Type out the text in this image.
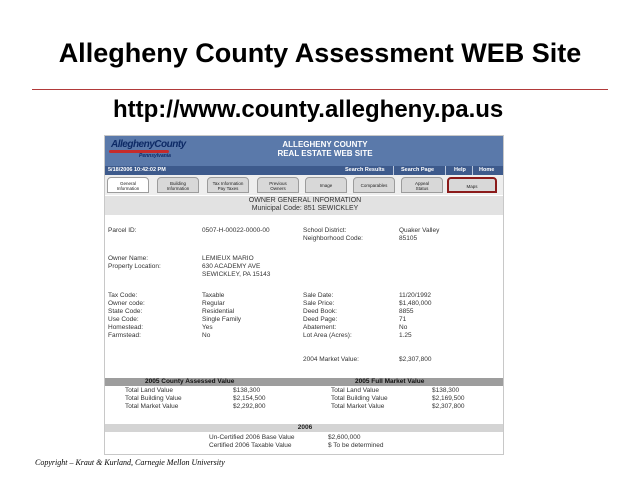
Allegheny County Assessment WEB Site
http://www.county.allegheny.pa.us
AlleghenyCounty
Pennsylvania
ALLEGHENY COUNTY
REAL ESTATE WEB SITE
5/18/2006 10:42:02 PM	Search Results	Search Page	Help Home
General
Information
Building
Information
Tax Information
Pay Taxes
Previous
Owners
Image	Comparables	Appeal
Status	Maps
OWNER GENERAL INFORMATION
Municipal Code: 851 SEWICKLEY
Parcel ID:	0507-H-00022-0000-00	School District:	Quaker Valley
Neighborhood Code:	85105
Owner Name:	LEMIEUX MARIO
Property Location:	630 ACADEMY AVE
SEWICKLEY, PA 15143
Tax Code:	Taxable
Owner code:	Regular
State Code:	Residential
Use Code:	Single Family
Homestead:	Yes
Farmstead:	No
Sale Date:	11/20/1992
Sale Price:	$1,480,000
Deed Book:	8855
Deed Page:	71
Abatement:	No
Lot Area (Acres):	1.25
2004 Market Value:	$2,307,800
2005 County Assessed Value	2005 Full Market Value
Total Land Value	$138,300
Total Building Value	$2,154,500
Total Market Value	$2,292,800
Total Land Value	$138,300
Total Building Value	$2,169,500
Total Market Value	$2,307,800
2006
Un-Certified 2006 Base Value	$2,600,000
Certified 2006 Taxable Value	$ To be determined
Copyright – Kraut & Kurland, Carnegie Mellon University
